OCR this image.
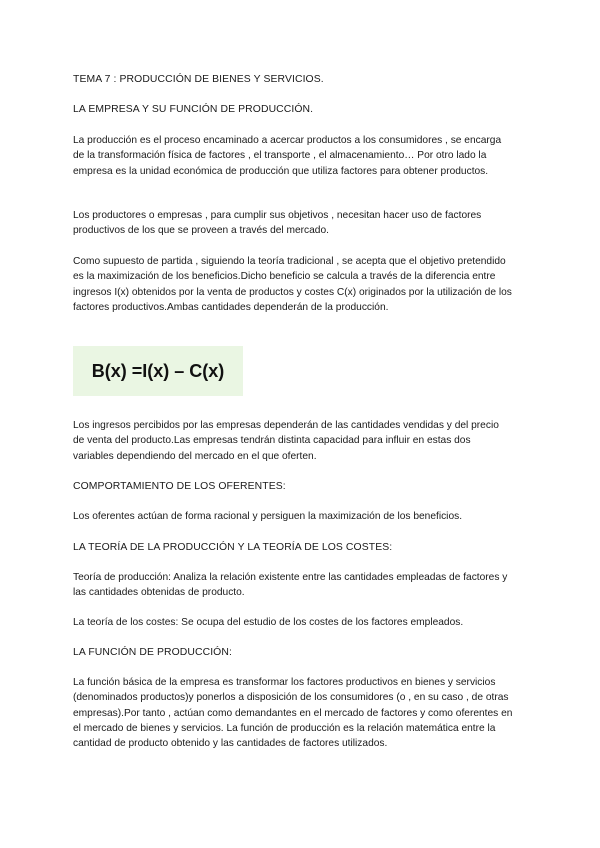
TEMA 7 : PRODUCCIÓN DE BIENES Y SERVICIOS.

LA EMPRESA Y SU FUNCIÓN DE PRODUCCIÓN.

La producción es el proceso encaminado a acercar productos a los consumidores , se encarga de la transformación física de factores , el transporte , el almacenamiento… Por otro lado la empresa es la unidad económica de producción que utiliza factores para obtener productos.

Los productores o empresas , para cumplir sus objetivos , necesitan hacer uso de factores productivos de los que se proveen a través del mercado.

Como supuesto de partida , siguiendo la teoría tradicional , se acepta que el objetivo pretendido es la maximización de los beneficios.Dicho beneficio se calcula a través de la diferencia entre ingresos I(x) obtenidos por la venta de productos y costes C(x) originados por la utilización de los factores productivos.Ambas cantidades dependerán de la producción.

B(x) =I(x) – C(x)

Los ingresos percibidos por las empresas dependerán de las cantidades vendidas y del precio de venta del producto.Las empresas tendrán distinta capacidad para influir en estas dos variables dependiendo del mercado en el que oferten.

COMPORTAMIENTO DE LOS OFERENTES:

Los oferentes actúan de forma racional y persiguen la maximización de los beneficios.

LA TEORÍA DE LA PRODUCCIÓN Y LA TEORÍA DE LOS COSTES:

Teoría de producción: Analiza la relación existente entre las cantidades empleadas de factores y las cantidades obtenidas de producto.

La teoría de los costes: Se ocupa del estudio de los costes de los factores empleados.

LA FUNCIÓN DE PRODUCCIÓN:

La función básica de la empresa es transformar los factores productivos en bienes y servicios (denominados productos)y ponerlos a disposición de los consumidores (o , en su caso , de otras empresas).Por tanto , actúan como demandantes en el mercado de factores y como oferentes en el mercado de bienes y servicios. La función de producción es la relación matemática entre la cantidad de producto obtenido y las cantidades de factores utilizados.
